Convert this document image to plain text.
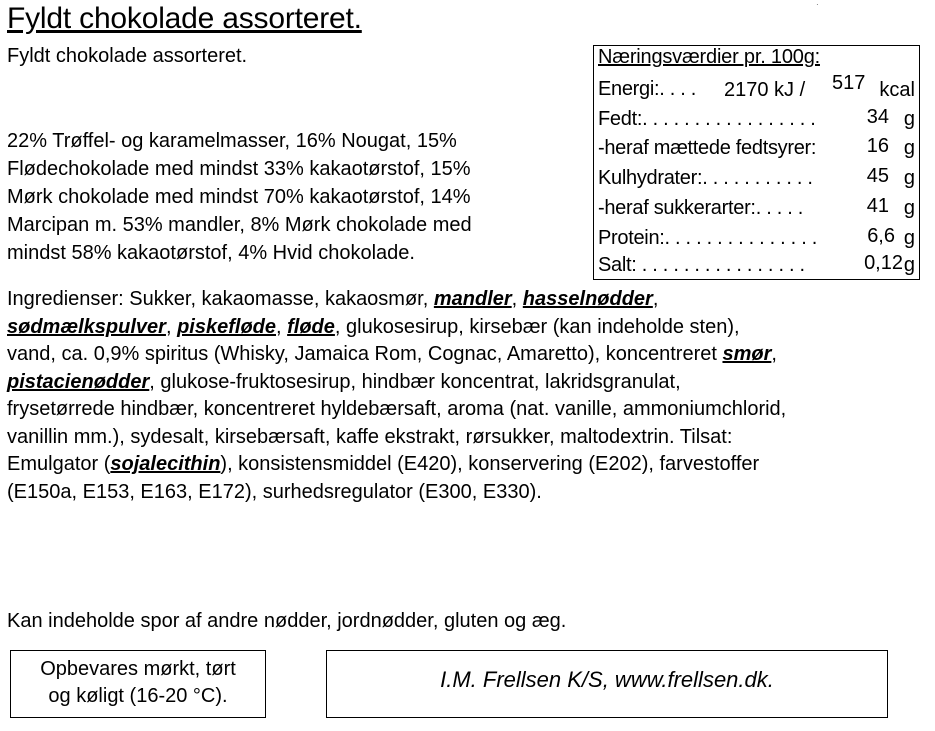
·
Fyldt chokolade assorteret.
Fyldt chokolade assorteret.
22% Trøffel- og karamelmasser, 16% Nougat, 15%
Flødechokolade med mindst 33% kakaotørstof, 15%
Mørk chokolade med mindst 70% kakaotørstof, 14%
Marcipan m. 53% mandler, 8% Mørk chokolade med
mindst 58% kakaotørstof, 4% Hvid chokolade.
Næringsværdier pr. 100g:
Energi:. . . . 2170 kJ / 517 kcal
Fedt:. . . . . . . . . . . . . . . . .	34 g
-heraf mættede fedtsyrer:	16 g
Kulhydrater:. . . . . . . . . . .	45 g
-heraf sukkerarter:. . . . .	41 g
Protein:. . . . . . . . . . . . . . .	6,6 g
Salt: . . . . . . . . . . . . . . . .	0,12 g
Ingredienser: Sukker, kakaomasse, kakaosmør, mandler, hasselnødder,
sødmælkspulver, piskefløde, fløde, glukosesirup, kirsebær (kan indeholde sten),
vand, ca. 0,9% spiritus (Whisky, Jamaica Rom, Cognac, Amaretto), koncentreret smør,
pistacienødder, glukose-fruktosesirup, hindbær koncentrat, lakridsgranulat,
frysetørrede hindbær, koncentreret hyldebærsaft, aroma (nat. vanille, ammoniumchlorid,
vanillin mm.), sydesalt, kirsebærsaft, kaffe ekstrakt, rørsukker, maltodextrin. Tilsat:
Emulgator (sojalecithin), konsistensmiddel (E420), konservering (E202), farvestoffer
(E150a, E153, E163, E172), surhedsregulator (E300, E330).
Kan indeholde spor af andre nødder, jordnødder, gluten og æg.
Opbevares mørkt, tørt
og køligt (16-20 °C).
I.M. Frellsen K/S, www.frellsen.dk.
